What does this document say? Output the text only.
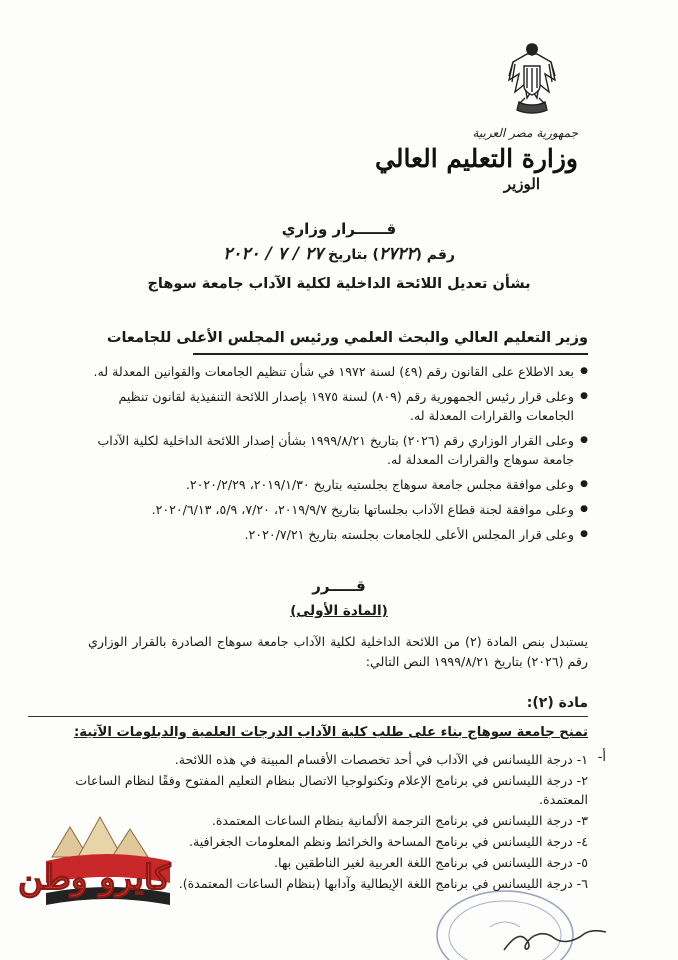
جمهورية مصر العربية
وزارة التعليم العالي
الوزير
قــــــرار وزاري
رقم (٢٧٢٢) بتاريخ ٢٧ / ٧ / ٢٠٢٠
بشأن تعديل اللائحة الداخلية لكلية الآداب جامعة سوهاج
وزير التعليم العالي والبحث العلمي ورئيس المجلس الأعلى للجامعات
● بعد الاطلاع على القانون رقم (٤٩) لسنة ١٩٧٢ في شأن تنظيم الجامعات والقوانين المعدلة له.
● وعلى قرار رئيس الجمهورية رقم (٨٠٩) لسنة ١٩٧٥ بإصدار اللائحة التنفيذية لقانون تنظيم الجامعات والقرارات المعدلة له.
● وعلى القرار الوزاري رقم (٢٠٢٦) بتاريخ ١٩٩٩/٨/٢١ بشأن إصدار اللائحة الداخلية لكلية الآداب جامعة سوهاج والقرارات المعدلة له.
● وعلى موافقة مجلس جامعة سوهاج بجلستيه بتاريخ ٢٠١٩/١/٣٠، ٢٠٢٠/٢/٢٩.
● وعلى موافقة لجنة قطاع الآداب بجلساتها بتاريخ ٢٠١٩/٩/٧، ٧/٢٠، ٥/٩، ٢٠٢٠/٦/١٣.
● وعلى قرار المجلس الأعلى للجامعات بجلسته بتاريخ ٢٠٢٠/٧/٢١.
قـــــرر
(المادة الأولى)
يستبدل بنص المادة (٢) من اللائحة الداخلية لكلية الآداب جامعة سوهاج الصادرة بالقرار الوزاري رقم (٢٠٢٦) بتاريخ ١٩٩٩/٨/٢١ النص التالي:
مادة (٢):
تمنح جامعة سوهاج بناء على طلب كلية الآداب الدرجات العلمية والدبلومات الآتية:
أ-
١- درجة الليسانس في الآداب في أحد تخصصات الأقسام المبينة في هذه اللائحة.
٢- درجة الليسانس في برنامج الإعلام وتكنولوجيا الاتصال بنظام التعليم المفتوح وفقًا لنظام الساعات المعتمدة.
٣- درجة الليسانس في برنامج الترجمة الألمانية بنظام الساعات المعتمدة.
٤- درجة الليسانس في برنامج المساحة والخرائط ونظم المعلومات الجغرافية.
٥- درجة الليسانس في برنامج اللغة العربية لغير الناطقين بها.
٦- درجة الليسانس في برنامج اللغة الإيطالية وآدابها (بنظام الساعات المعتمدة).
كايرو وطن
